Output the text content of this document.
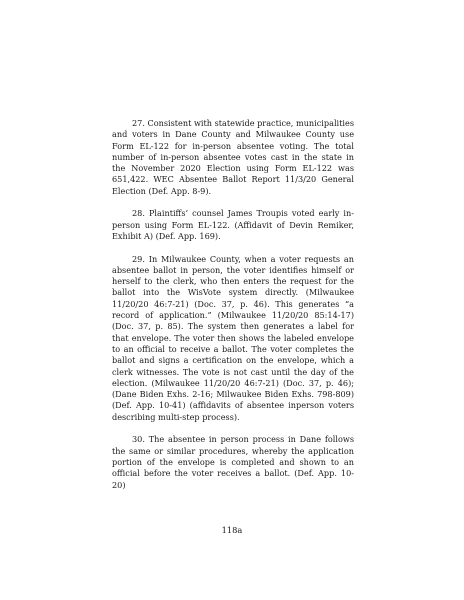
27. Consistent with statewide practice, municipalities and voters in Dane County and Milwaukee County use Form EL-122 for in-person absentee voting. The total number of in-person absentee votes cast in the state in the November 2020 Election using Form EL-122 was 651,422. WEC Absentee Ballot Report 11/3/20 General Election (Def. App. 8-9).

28. Plaintiffs’ counsel James Troupis voted early in-person using Form EL-122. (Affidavit of Devin Remiker, Exhibit A) (Def. App. 169).

29. In Milwaukee County, when a voter requests an absentee ballot in person, the voter identifies himself or herself to the clerk, who then enters the request for the ballot into the WisVote system directly. (Milwaukee 11/20/20 46:7-21) (Doc. 37, p. 46). This generates “a record of application.” (Milwaukee 11/20/20 85:14-17) (Doc. 37, p. 85). The system then generates a label for that envelope. The voter then shows the labeled envelope to an official to receive a ballot. The voter completes the ballot and signs a certification on the envelope, which a clerk witnesses. The vote is not cast until the day of the election. (Milwaukee 11/20/20 46:7-21) (Doc. 37, p. 46); (Dane Biden Exhs. 2-16; Milwaukee Biden Exhs. 798-809) (Def. App. 10-41) (affidavits of absentee inperson voters describing multi-step process).

30. The absentee in person process in Dane follows the same or similar procedures, whereby the application portion of the envelope is completed and shown to an official before the voter receives a ballot. (Def. App. 10-20)

118a
